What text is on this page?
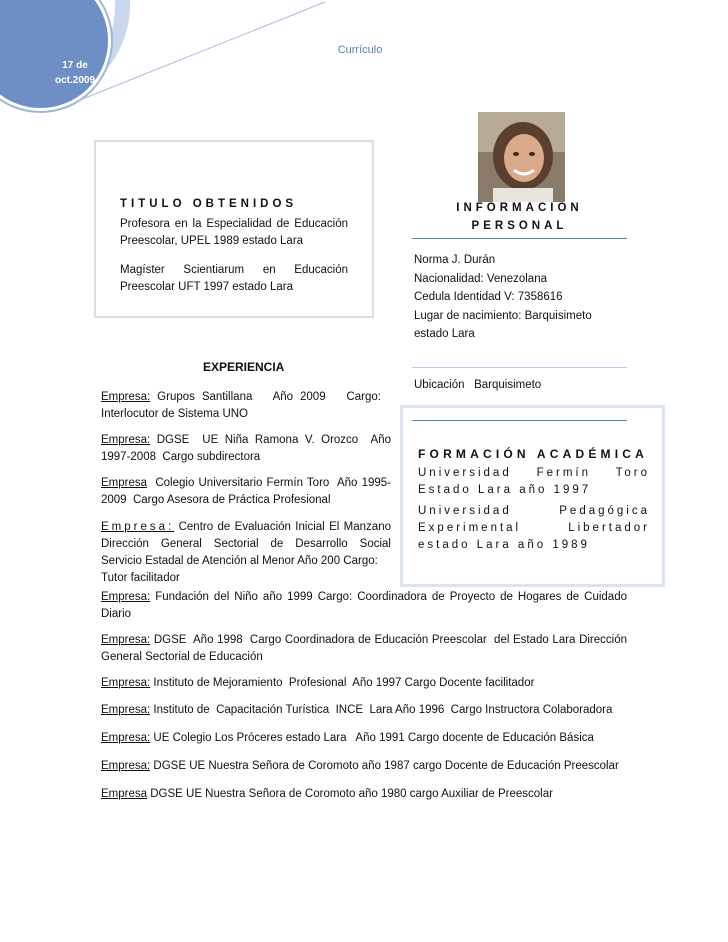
17 de
oct.2009
Currículo
TITULO OBTENIDOS
Profesora en la Especialidad de Educación Preescolar, UPEL 1989 estado Lara
Magíster Scientiarum en Educación Preescolar UFT 1997 estado Lara
INFORMACION
PERSONAL
Norma J. Durán
Nacionalidad: Venezolana
Cedula Identidad V: 7358616
Lugar de nacimiento: Barquisimeto
estado Lara
Ubicación   Barquisimeto
FORMACIÓN ACADÉMICA
Universidad Fermín Toro Estado Lara año 1997
Universidad Pedagógica Experimental Libertador estado Lara año 1989
EXPERIENCIA
Empresa: Grupos Santillana   Año 2009   Cargo: Interlocutor de Sistema UNO
Empresa: DGSE  UE Niña Ramona V. Orozco  Año 1997-2008  Cargo subdirectora
Empresa  Colegio Universitario Fermín Toro  Año 1995-2009  Cargo Asesora de Práctica Profesional
Empresa: Centro de Evaluación Inicial El Manzano Dirección General Sectorial de Desarrollo Social Servicio Estadal de Atención al Menor Año 200 Cargo:
Tutor facilitador
Empresa: Fundación del Niño año 1999 Cargo: Coordinadora de Proyecto de Hogares de Cuidado Diario
Empresa: DGSE  Año 1998  Cargo Coordinadora de Educación Preescolar  del Estado Lara Dirección General Sectorial de Educación
Empresa: Instituto de Mejoramiento  Profesional  Año 1997 Cargo Docente facilitador
Empresa: Instituto de  Capacitación Turística  INCE  Lara Año 1996  Cargo Instructora Colaboradora
Empresa: UE Colegio Los Próceres estado Lara   Año 1991 Cargo docente de Educación Básica
Empresa: DGSE UE Nuestra Señora de Coromoto año 1987 cargo Docente de Educación Preescolar
Empresa DGSE UE Nuestra Señora de Coromoto año 1980 cargo Auxiliar de Preescolar
